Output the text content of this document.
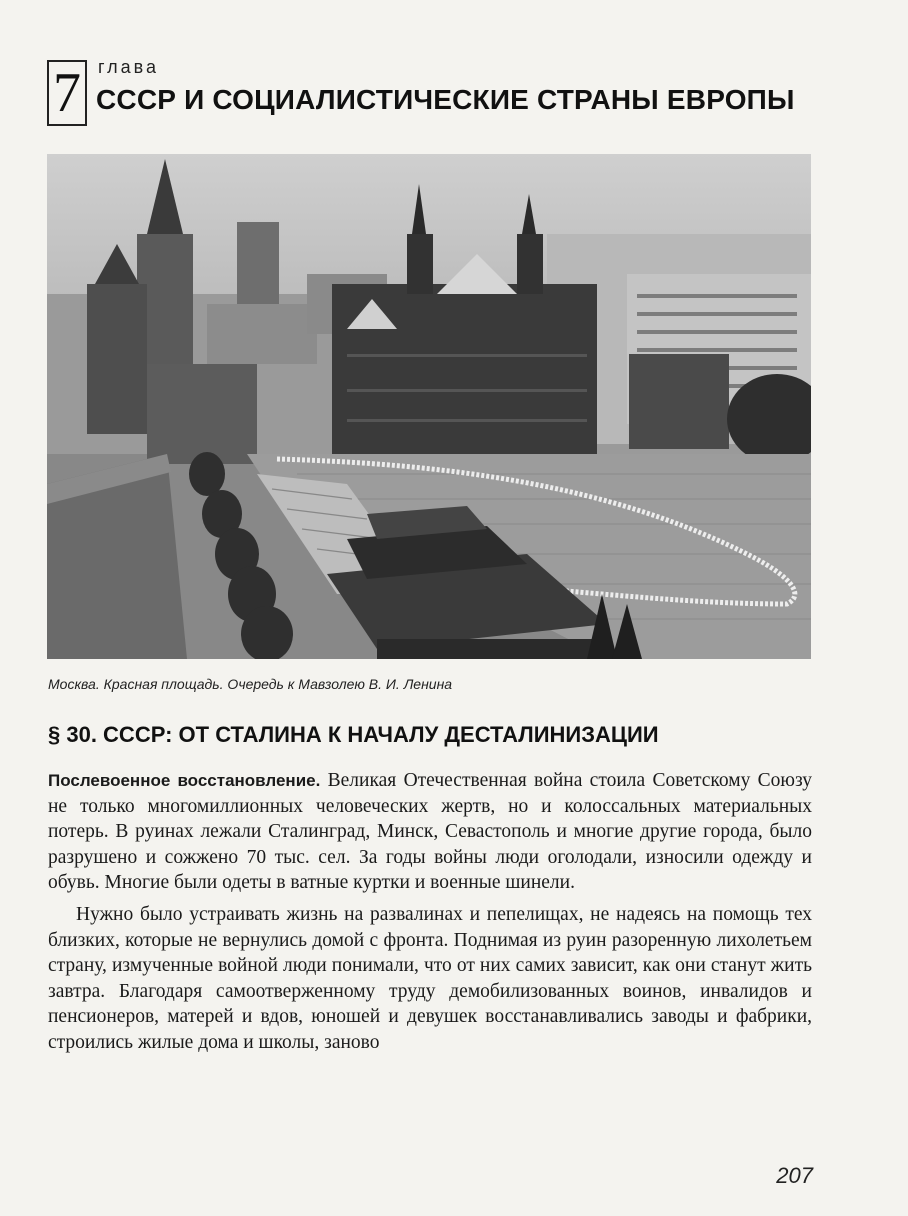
7 глава
СССР И СОЦИАЛИСТИЧЕСКИЕ СТРАНЫ ЕВРОПЫ
Москва. Красная площадь. Очередь к Мавзолею В. И. Ленина
§ 30. СССР: ОТ СТАЛИНА К НАЧАЛУ ДЕСТАЛИНИЗАЦИИ

Послевоенное восстановление. Великая Отечественная война стоила Советскому Союзу не только многомиллионных человеческих жертв, но и колоссальных материальных потерь. В руинах лежали Сталинград, Минск, Севастополь и многие другие города, было разрушено и сожжено 70 тыс. сел. За годы войны люди оголодали, износили одежду и обувь. Многие были одеты в ватные куртки и военные шинели.

Нужно было устраивать жизнь на развалинах и пепелищах, не надеясь на помощь тех близких, которые не вернулись домой с фронта. Поднимая из руин разоренную лихолетьем страну, измученные войной люди понимали, что от них самих зависит, как они станут жить завтра. Благодаря самоотверженному труду демобилизованных воинов, инвалидов и пенсионеров, матерей и вдов, юношей и девушек восстанавливались заводы и фабрики, строились жилые дома и школы, заново

207
